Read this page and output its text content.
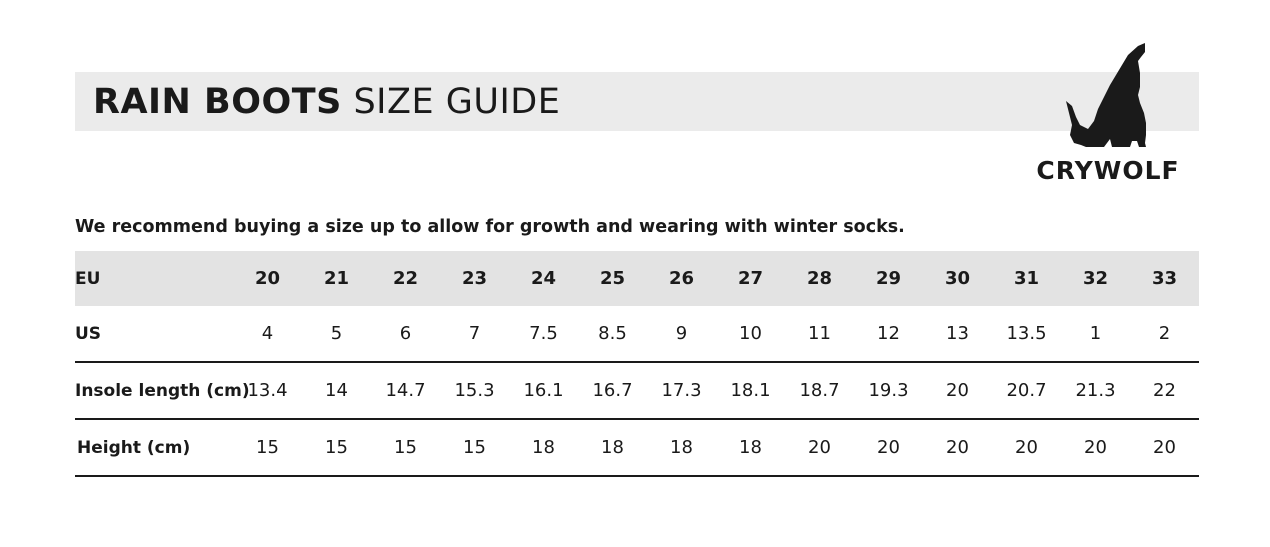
RAIN BOOTS SIZE GUIDE
CRYWOLF

We recommend buying a size up to allow for growth and wearing with winter socks.

EU	20	21	22	23	24	25	26	27	28	29	30	31	32	33
US	4	5	6	7	7.5	8.5	9	10	11	12	13	13.5	1	2
Insole length (cm)	13.4	14	14.7	15.3	16.1	16.7	17.3	18.1	18.7	19.3	20	20.7	21.3	22
Height (cm)	15	15	15	15	18	18	18	18	20	20	20	20	20	20
